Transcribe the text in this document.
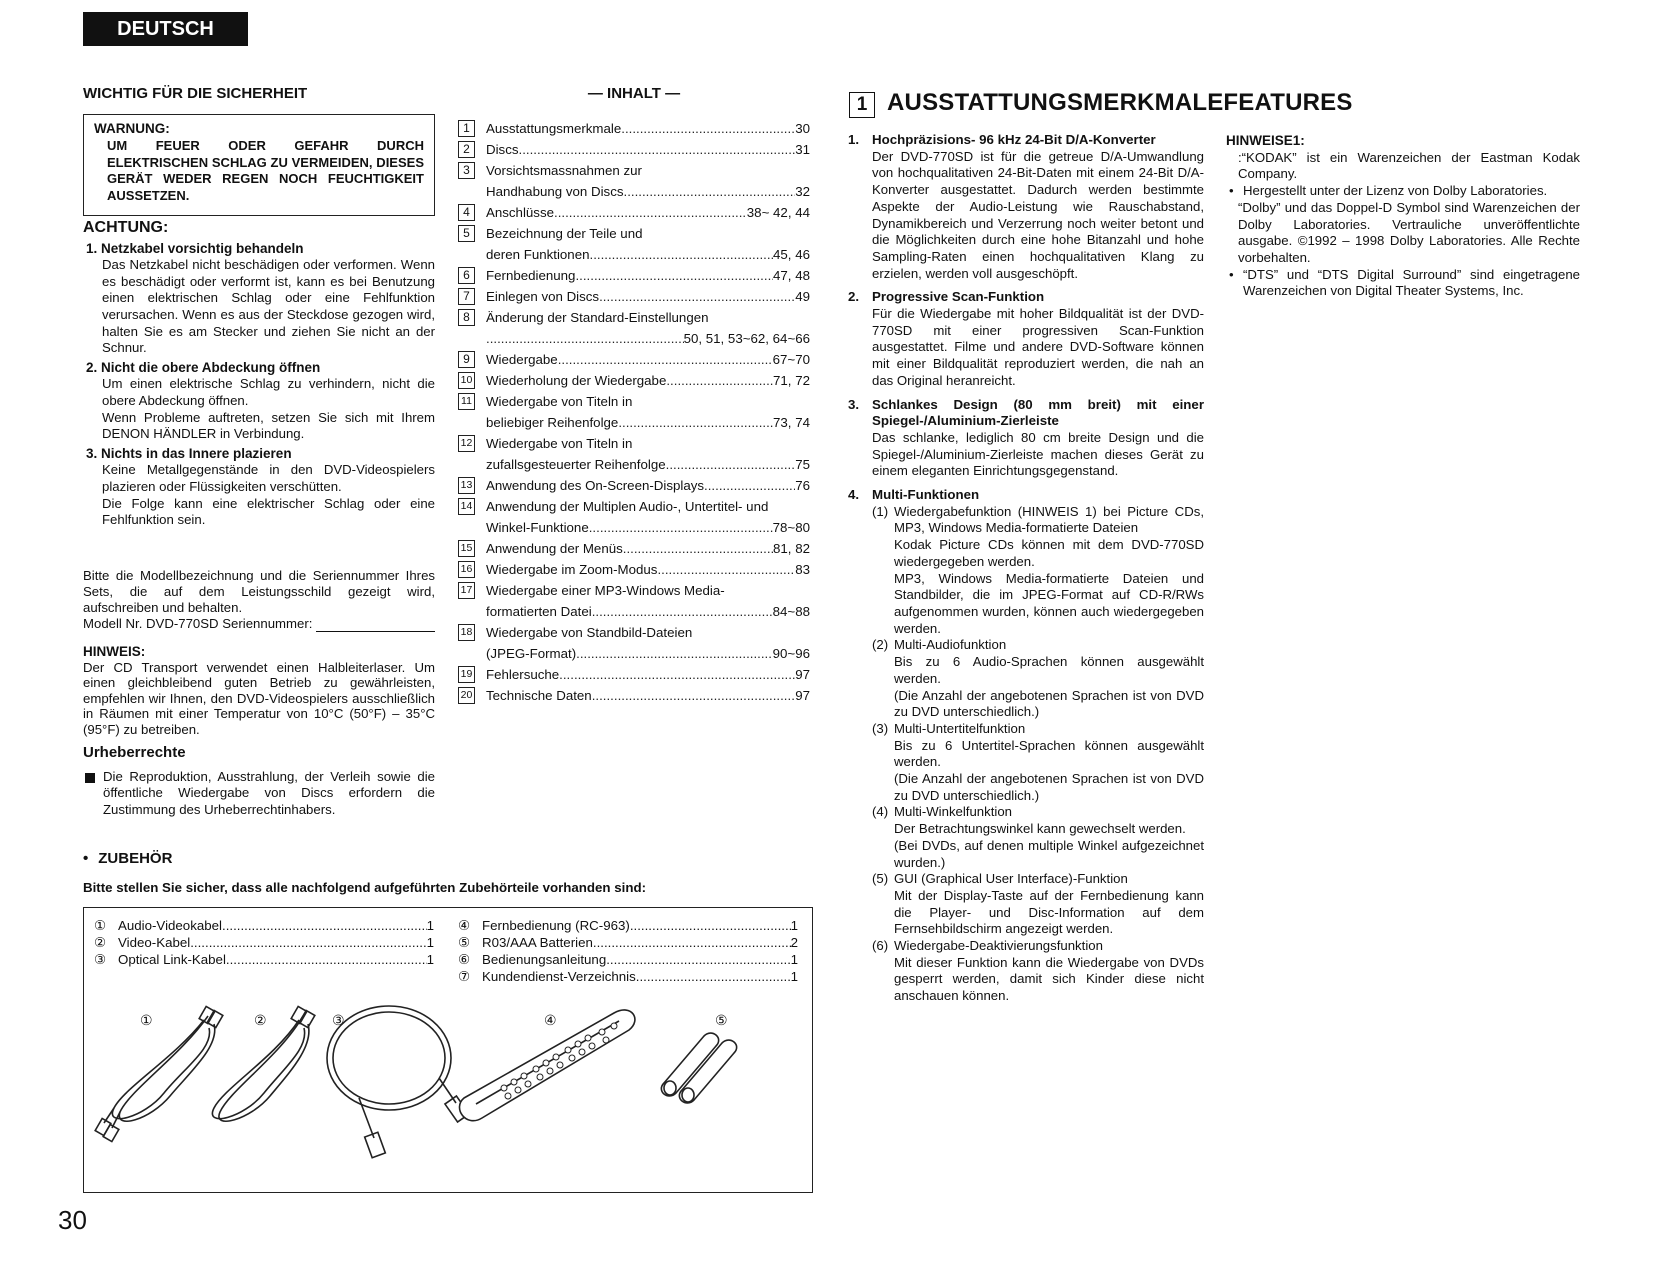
DEUTSCH
WICHTIG FÜR DIE SICHERHEIT
WARNUNG:
UM FEUER ODER GEFAHR DURCH ELEKTRISCHEN SCHLAG ZU VERMEIDEN, DIESES GERÄT WEDER REGEN NOCH FEUCHTIGKEIT AUSSETZEN.
ACHTUNG:
1. Netzkabel vorsichtig behandeln
Das Netzkabel nicht beschädigen oder verformen. Wenn es beschädigt oder verformt ist, kann es bei Benutzung einen elektrischen Schlag oder eine Fehlfunktion verursachen. Wenn es aus der Steckdose gezogen wird, halten Sie es am Stecker und ziehen Sie nicht an der Schnur.
2. Nicht die obere Abdeckung öffnen
Um einen elektrische Schlag zu verhindern, nicht die obere Abdeckung öffnen.
Wenn Probleme auftreten, setzen Sie sich mit Ihrem DENON HÄNDLER in Verbindung.
3. Nichts in das Innere plazieren
Keine Metallgegenstände in den DVD-Videospielers plazieren oder Flüssigkeiten verschütten.
Die Folge kann eine elektrischer Schlag oder eine Fehlfunktion sein.
Bitte die Modellbezeichnung und die Seriennummer Ihres Sets, die auf dem Leistungsschild gezeigt wird, aufschreiben und behalten.
Modell Nr. DVD-770SD Seriennummer:
HINWEIS:
Der CD Transport verwendet einen Halbleiterlaser. Um einen gleichbleibend guten Betrieb zu gewährleisten, empfehlen wir Ihnen, den DVD-Videospielers ausschließlich in Räumen mit einer Temperatur von 10°C (50°F) – 35°C (95°F) zu betreiben.
Urheberrechte
Die Reproduktion, Ausstrahlung, der Verleih sowie die öffentliche Wiedergabe von Discs erfordern die Zustimmung des Urheberrechtinhabers.
— INHALT —
1	Ausstattungsmerkmale .....	30
2	Discs .....	31
3	Vorsichtsmassnahmen zur
Handhabung von Discs .....	32
4	Anschlüsse .....	38~ 42, 44
5	Bezeichnung der Teile und
deren Funktionen .....	45, 46
6	Fernbedienung .....	47, 48
7	Einlegen von Discs .....	49
8	Änderung der Standard-Einstellungen
.....
50, 51, 53~62, 64~66
9	Wiedergabe .....	67~70
10 Wiederholung der Wiedergabe .....	71, 72
11 Wiedergabe von Titeln in
beliebiger Reihenfolge .....	73, 74
12 Wiedergabe von Titeln in
zufallsgesteuerter Reihenfolge .....	75
13 Anwendung des On-Screen-Displays .....	76
14 Anwendung der Multiplen Audio-, Untertitel- und
Winkel-Funktione .....	78~80
15 Anwendung der Menüs .....	81, 82
16 Wiedergabe im Zoom-Modus .....	83
17 Wiedergabe einer MP3-Windows Media-
formatierten Datei .....	84~88
18 Wiedergabe von Standbild-Dateien
(JPEG-Format) .....	90~96
19 Fehlersuche .....	97
20 Technische Daten .....	97
1 AUSSTATTUNGSMERKMALEFEATURES
1. Hochpräzisions- 96 kHz 24-Bit D/A-Konverter
Der DVD-770SD ist für die getreue D/A-Umwandlung von hochqualitativen 24-Bit-Daten mit einem 24-Bit D/A-Konverter ausgestattet. Dadurch werden bestimmte Aspekte der Audio-Leistung wie Rauschabstand, Dynamikbereich und Verzerrung noch weiter betont und die Möglichkeiten durch eine hohe Bitanzahl und hohe Sampling-Raten einen hochqualitativen Klang zu erzielen, werden voll ausgeschöpft.
2. Progressive Scan-Funktion
Für die Wiedergabe mit hoher Bildqualität ist der DVD-770SD mit einer progressiven Scan-Funktion ausgestattet. Filme und andere DVD-Software können mit einer Bildqualität reproduziert werden, die nah an das Original heranreicht.
3. Schlankes Design (80 mm breit) mit einer Spiegel-/Aluminium-Zierleiste
Das schlanke, lediglich 80 cm breite Design und die Spiegel-/Aluminium-Zierleiste machen dieses Gerät zu einem eleganten Einrichtungsgegenstand.
4. Multi-Funktionen
(1) Wiedergabefunktion (HINWEIS 1) bei Picture CDs, MP3, Windows Media-formatierte Dateien
Kodak Picture CDs können mit dem DVD-770SD wiedergegeben werden.
MP3, Windows Media-formatierte Dateien und Standbilder, die im JPEG-Format auf CD-R/RWs aufgenommen wurden, können auch wiedergegeben werden.
(2) Multi-Audiofunktion
Bis zu 6 Audio-Sprachen können ausgewählt werden.
(Die Anzahl der angebotenen Sprachen ist von DVD zu DVD unterschiedlich.)
(3) Multi-Untertitelfunktion
Bis zu 6 Untertitel-Sprachen können ausgewählt werden.
(Die Anzahl der angebotenen Sprachen ist von DVD zu DVD unterschiedlich.)
(4) Multi-Winkelfunktion
Der Betrachtungswinkel kann gewechselt werden.
(Bei DVDs, auf denen multiple Winkel aufgezeichnet wurden.)
(5) GUI (Graphical User Interface)-Funktion
Mit der Display-Taste auf der Fernbedienung kann die Player- und Disc-Information auf dem Fernsehbildschirm angezeigt werden.
(6) Wiedergabe-Deaktivierungsfunktion
Mit dieser Funktion kann die Wiedergabe von DVDs gesperrt werden, damit sich Kinder diese nicht anschauen können.
HINWEISE1:
:“KODAK” ist ein Warenzeichen der Eastman Kodak Company.
• Hergestellt unter der Lizenz von Dolby Laboratories.
“Dolby” und das Doppel-D Symbol sind Warenzeichen der Dolby Laboratories. Vertrauliche unveröffentlichte ausgabe. ©1992 – 1998 Dolby Laboratories. Alle Rechte vorbehalten.
• “DTS” und “DTS Digital Surround” sind eingetragene Warenzeichen von Digital Theater Systems, Inc.
• ZUBEHÖR
Bitte stellen Sie sicher, dass alle nachfolgend aufgeführten Zubehörteile vorhanden sind:
① Audio-Videokabel .....	1
② Video-Kabel .....	1
③ Optical Link-Kabel .....	1
④ Fernbedienung (RC-963) .....	1
⑤ R03/AAA Batterien .....	2
⑥ Bedienungsanleitung .....	1
⑦ Kundendienst-Verzeichnis .....	1
①	②	③	④	⑤
30
